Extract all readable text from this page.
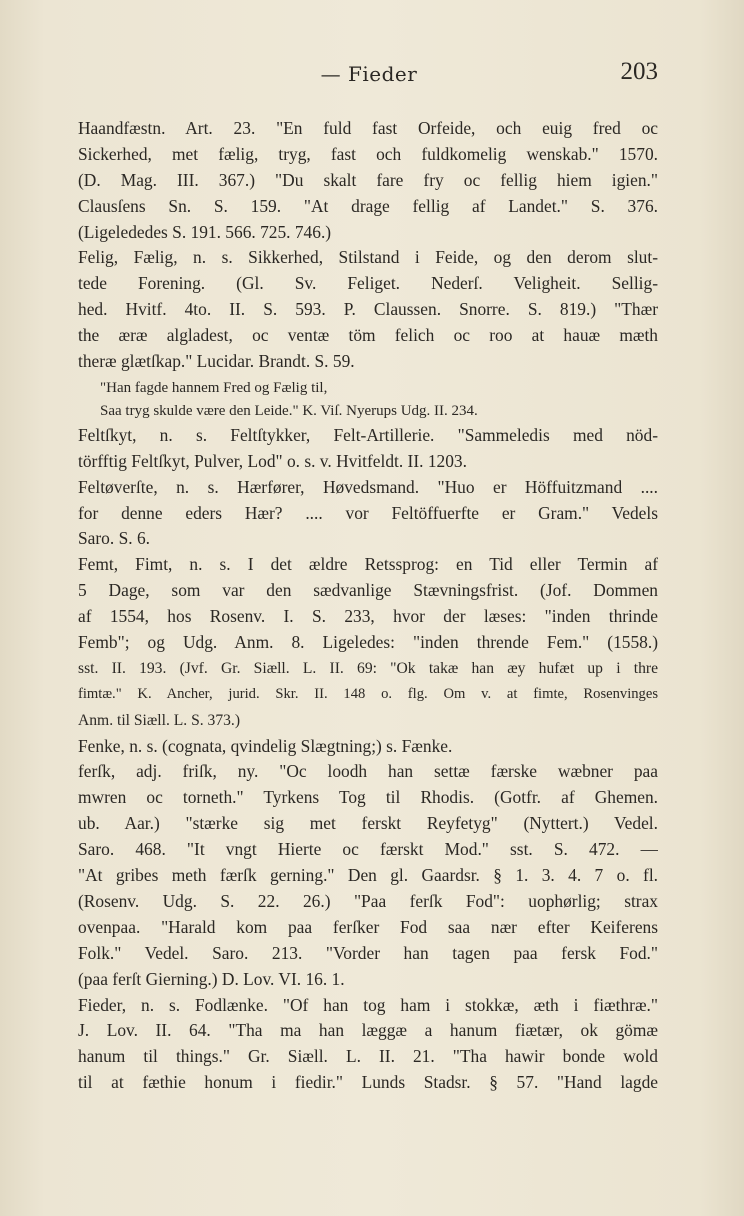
— Fieder	203
Haandfæstn. Art. 23. "En fuld fast Orfeide, och euig fred oc
Sickerhed, met fælig, tryg, fast och fuldkomelig wenskab." 1570.
(D. Mag. III. 367.) "Du skalt fare fry oc fellig hiem igien."
Clausſens Sn. S. 159. "At drage fellig af Landet." S. 376.
(Ligelededes S. 191. 566. 725. 746.)
Felig, Fælig, n. s. Sikkerhed, Stilstand i Feide, og den derom slut-
tede Forening. (Gl. Sv. Feliget. Nederſ. Veligheit. Sellig-
hed. Hvitf. 4to. II. S. 593. P. Claussen. Snorre. S. 819.) "Thær
the æræ algladest, oc ventæ töm felich oc roo at hauæ mæth
theræ glætſkap." Lucidar. Brandt. S. 59.
"Han fagde hannem Fred og Fælig til,
Saa tryg skulde være den Leide." K. Viſ. Nyerups Udg. II. 234.
Feltſkyt, n. s. Feltſtykker, Felt-Artillerie. "Sammeledis med nöd-
törfftig Feltſkyt, Pulver, Lod" o. s. v. Hvitfeldt. II. 1203.
Feltøverſte, n. s. Hærfører, Høvedsmand. "Huo er Höffuitzmand ....
for denne eders Hær? .... vor Feltöffuerfte er Gram." Vedels
Saro. S. 6.
Femt, Fimt, n. s. I det ældre Retssprog: en Tid eller Termin af
5 Dage, som var den sædvanlige Stævningsfrist. (Jof. Dommen
af 1554, hos Rosenv. I. S. 233, hvor der læses: "inden thrinde
Femb"; og Udg. Anm. 8. Ligeledes: "inden thrende Fem." (1558.)
sst. II. 193. (Jvf. Gr. Siæll. L. II. 69: "Ok takæ han æy hufæt up i thre
fimtæ." K. Ancher, jurid. Skr. II. 148 o. flg. Om v. at fimte, Rosenvinges
Anm. til Siæll. L. S. 373.)
Fenke, n. s. (cognata, qvindelig Slægtning;) s. Fænke.
ferſk, adj. friſk, ny. "Oc loodh han settæ færske wæbner paa
mwren oc torneth." Tyrkens Tog til Rhodis. (Gotfr. af Ghemen.
ub. Aar.) "stærke sig met ferskt Reyfetyg" (Nyttert.) Vedel.
Saro. 468. "It vngt Hierte oc færskt Mod." sst. S. 472. —
"At gribes meth færſk gerning." Den gl. Gaardsr. § 1. 3. 4. 7 o. fl.
(Rosenv. Udg. S. 22. 26.) "Paa ferſk Fod": uophørlig; strax
ovenpaa. "Harald kom paa ferſker Fod saa nær efter Keiferens
Folk." Vedel. Saro. 213. "Vorder han tagen paa fersk Fod."
(paa ferſt Gierning.) D. Lov. VI. 16. 1.
Fieder, n. s. Fodlænke. "Of han tog ham i stokkæ, æth i fiæthræ."
J. Lov. II. 64. "Tha ma han læggæ a hanum fiætær, ok gömæ
hanum til things." Gr. Siæll. L. II. 21. "Tha hawir bonde wold
til at fæthie honum i fiedir." Lunds Stadsr. § 57. "Hand lagde
